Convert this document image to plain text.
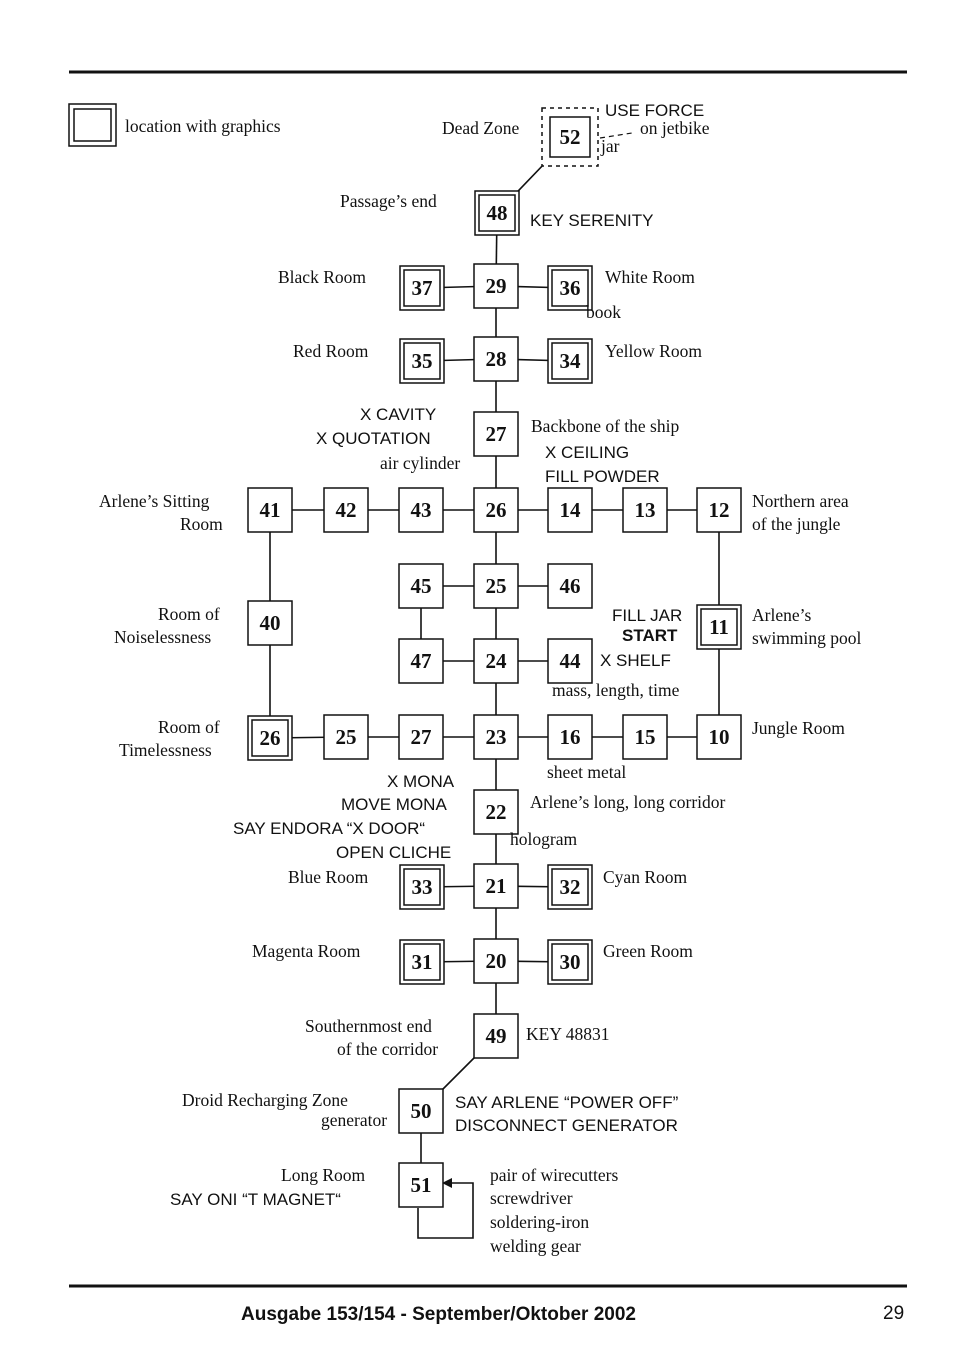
location with graphics	52
48
37	29	36
35	28	34
27
41	42	43	26	14	13	12
45	25	46
40	11
47	24	44
26	25	27	23	16	15	10
22
33	21	32
31	20	30
49
50
51
Dead Zone
USE FORCE
on jetbike
jar
Passage’s end
KEY SERENITY
Black Room	White Room
book
Red Room	Yellow Room
X CAVITY
X QUOTATION
air cylinder
Backbone of the ship
X CEILING
FILL POWDER
Arlene’s Sitting
Room
Northern area
of the jungle
Room of
Noiselessness
FILL JAR
START
Arlene’s
swimming pool
X SHELF
mass, length, time
Room of
Timelessness
Jungle Room
sheet metal
X MONA
MOVE MONA
SAY ENDORA “X DOOR“
OPEN CLICHE
Arlene’s long, long corridor
hologram
Blue Room	Cyan Room
Magenta Room	Green Room
Southernmost end
of the corridor
KEY 48831
Droid Recharging Zone
generator
SAY ARLENE “POWER OFF”
DISCONNECT GENERATOR
Long Room
SAY ONI “T MAGNET“
pair of wirecutters
screwdriver
soldering-iron
welding gear
Ausgabe 153/154 - September/Oktober 2002	29
